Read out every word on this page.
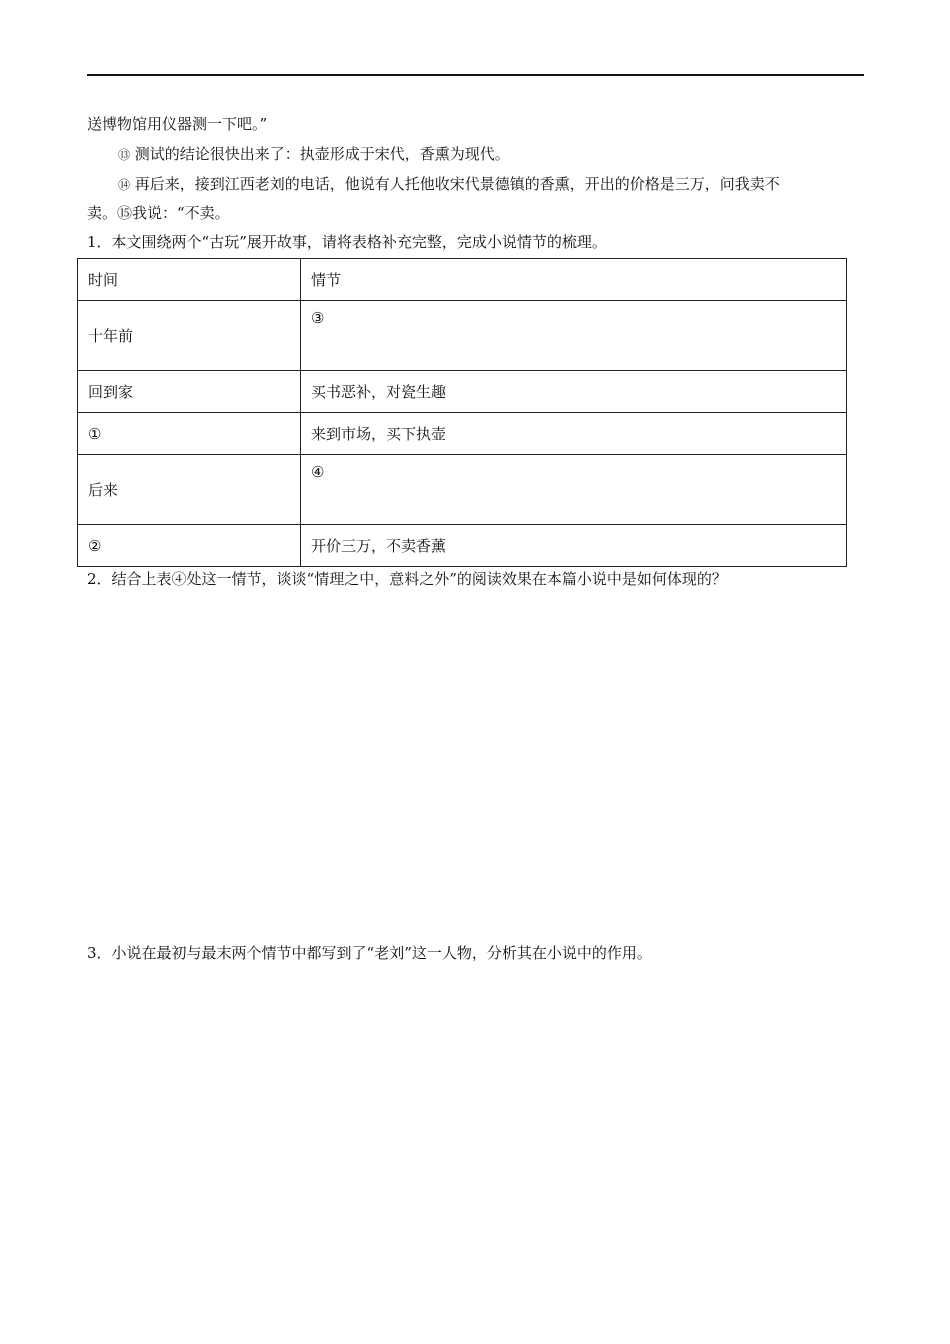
送博物馆用仪器测一下吧。”
⑬ 测试的结论很快出来了：执壶形成于宋代，香熏为现代。
⑭ 再后来，接到江西老刘的电话，他说有人托他收宋代景德镇的香熏，开出的价格是三万，问我卖不
卖。⑮我说：“不卖。
1．本文围绕两个“古玩”展开故事，请将表格补充完整，完成小说情节的梳理。
时间	情节
十年前	③
回到家	买书恶补，对瓷生趣
①	来到市场，买下执壶
后来	④
②	开价三万，不卖香薰
2．结合上表④处这一情节，谈谈“情理之中，意料之外”的阅读效果在本篇小说中是如何体现的？
3．小说在最初与最末两个情节中都写到了“老刘”这一人物，分析其在小说中的作用。
